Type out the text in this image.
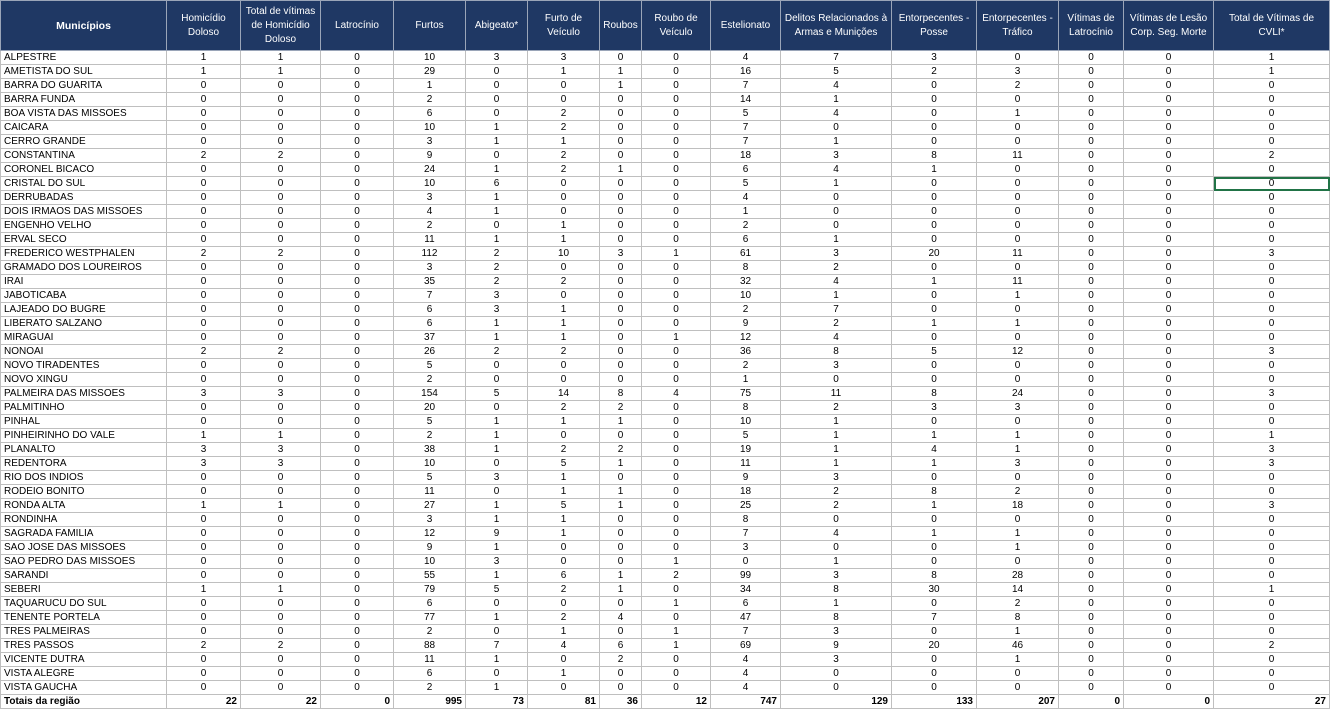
Municípios	Homicídio Doloso	Total de vítimas de Homicídio Doloso	Latrocínio	Furtos	Abigeato*	Furto de Veículo	Roubos	Roubo de Veículo	Estelionato	Delitos Relacionados à Armas e Munições	Entorpecentes - Posse	Entorpecentes - Tráfico	Vítimas de Latrocínio	Vítimas de Lesão Corp. Seg. Morte	Total de Vítimas de CVLI*
ALPESTRE	1	1	0	10	3	3	0	0	4	7	3	0	0	0	1
AMETISTA DO SUL	1	1	0	29	0	1	1	0	16	5	2	3	0	0	1
BARRA DO GUARITA	0	0	0	1	0	0	1	0	7	4	0	2	0	0	0
BARRA FUNDA	0	0	0	2	0	0	0	0	14	1	0	0	0	0	0
BOA VISTA DAS MISSOES	0	0	0	6	0	2	0	0	5	4	0	1	0	0	0
CAICARA	0	0	0	10	1	2	0	0	7	0	0	0	0	0	0
CERRO GRANDE	0	0	0	3	1	1	0	0	7	1	0	0	0	0	0
CONSTANTINA	2	2	0	9	0	2	0	0	18	3	8	11	0	0	2
CORONEL BICACO	0	0	0	24	1	2	1	0	6	4	1	0	0	0	0
CRISTAL DO SUL	0	0	0	10	6	0	0	0	5	1	0	0	0	0	0
DERRUBADAS	0	0	0	3	1	0	0	0	4	0	0	0	0	0	0
DOIS IRMAOS DAS MISSOES	0	0	0	4	1	0	0	0	1	0	0	0	0	0	0
ENGENHO VELHO	0	0	0	2	0	1	0	0	2	0	0	0	0	0	0
ERVAL SECO	0	0	0	11	1	1	0	0	6	1	0	0	0	0	0
FREDERICO WESTPHALEN	2	2	0	112	2	10	3	1	61	3	20	11	0	0	3
GRAMADO DOS LOUREIROS	0	0	0	3	2	0	0	0	8	2	0	0	0	0	0
IRAI	0	0	0	35	2	2	0	0	32	4	1	11	0	0	0
JABOTICABA	0	0	0	7	3	0	0	0	10	1	0	1	0	0	0
LAJEADO DO BUGRE	0	0	0	6	3	1	0	0	2	7	0	0	0	0	0
LIBERATO SALZANO	0	0	0	6	1	1	0	0	9	2	1	1	0	0	0
MIRAGUAI	0	0	0	37	1	1	0	1	12	4	0	0	0	0	0
NONOAI	2	2	0	26	2	2	0	0	36	8	5	12	0	0	3
NOVO TIRADENTES	0	0	0	5	0	0	0	0	2	3	0	0	0	0	0
NOVO XINGU	0	0	0	2	0	0	0	0	1	0	0	0	0	0	0
PALMEIRA DAS MISSOES	3	3	0	154	5	14	8	4	75	11	8	24	0	0	3
PALMITINHO	0	0	0	20	0	2	2	0	8	2	3	3	0	0	0
PINHAL	0	0	0	5	1	1	1	0	10	1	0	0	0	0	0
PINHEIRINHO DO VALE	1	1	0	2	1	0	0	0	5	1	1	1	0	0	1
PLANALTO	3	3	0	38	1	2	2	0	19	1	4	1	0	0	3
REDENTORA	3	3	0	10	0	5	1	0	11	1	1	3	0	0	3
RIO DOS INDIOS	0	0	0	5	3	1	0	0	9	3	0	0	0	0	0
RODEIO BONITO	0	0	0	11	0	1	1	0	18	2	8	2	0	0	0
RONDA ALTA	1	1	0	27	1	5	1	0	25	2	1	18	0	0	3
RONDINHA	0	0	0	3	1	1	0	0	8	0	0	0	0	0	0
SAGRADA FAMILIA	0	0	0	12	9	1	0	0	7	4	1	1	0	0	0
SAO JOSE DAS MISSOES	0	0	0	9	1	0	0	0	3	0	0	1	0	0	0
SAO PEDRO DAS MISSOES	0	0	0	10	3	0	0	1	0	1	0	0	0	0	0
SARANDI	0	0	0	55	1	6	1	2	99	3	8	28	0	0	0
SEBERI	1	1	0	79	5	2	1	0	34	8	30	14	0	0	1
TAQUARUCU DO SUL	0	0	0	6	0	0	0	1	6	1	0	2	0	0	0
TENENTE PORTELA	0	0	0	77	1	2	4	0	47	8	7	8	0	0	0
TRES PALMEIRAS	0	0	0	2	0	1	0	1	7	3	0	1	0	0	0
TRES PASSOS	2	2	0	88	7	4	6	1	69	9	20	46	0	0	2
VICENTE DUTRA	0	0	0	11	1	0	2	0	4	3	0	1	0	0	0
VISTA ALEGRE	0	0	0	6	0	1	0	0	4	0	0	0	0	0	0
VISTA GAUCHA	0	0	0	2	1	0	0	0	4	0	0	0	0	0	0
Totais da região	22	22	0	995	73	81	36	12	747	129	133	207	0	0	27
